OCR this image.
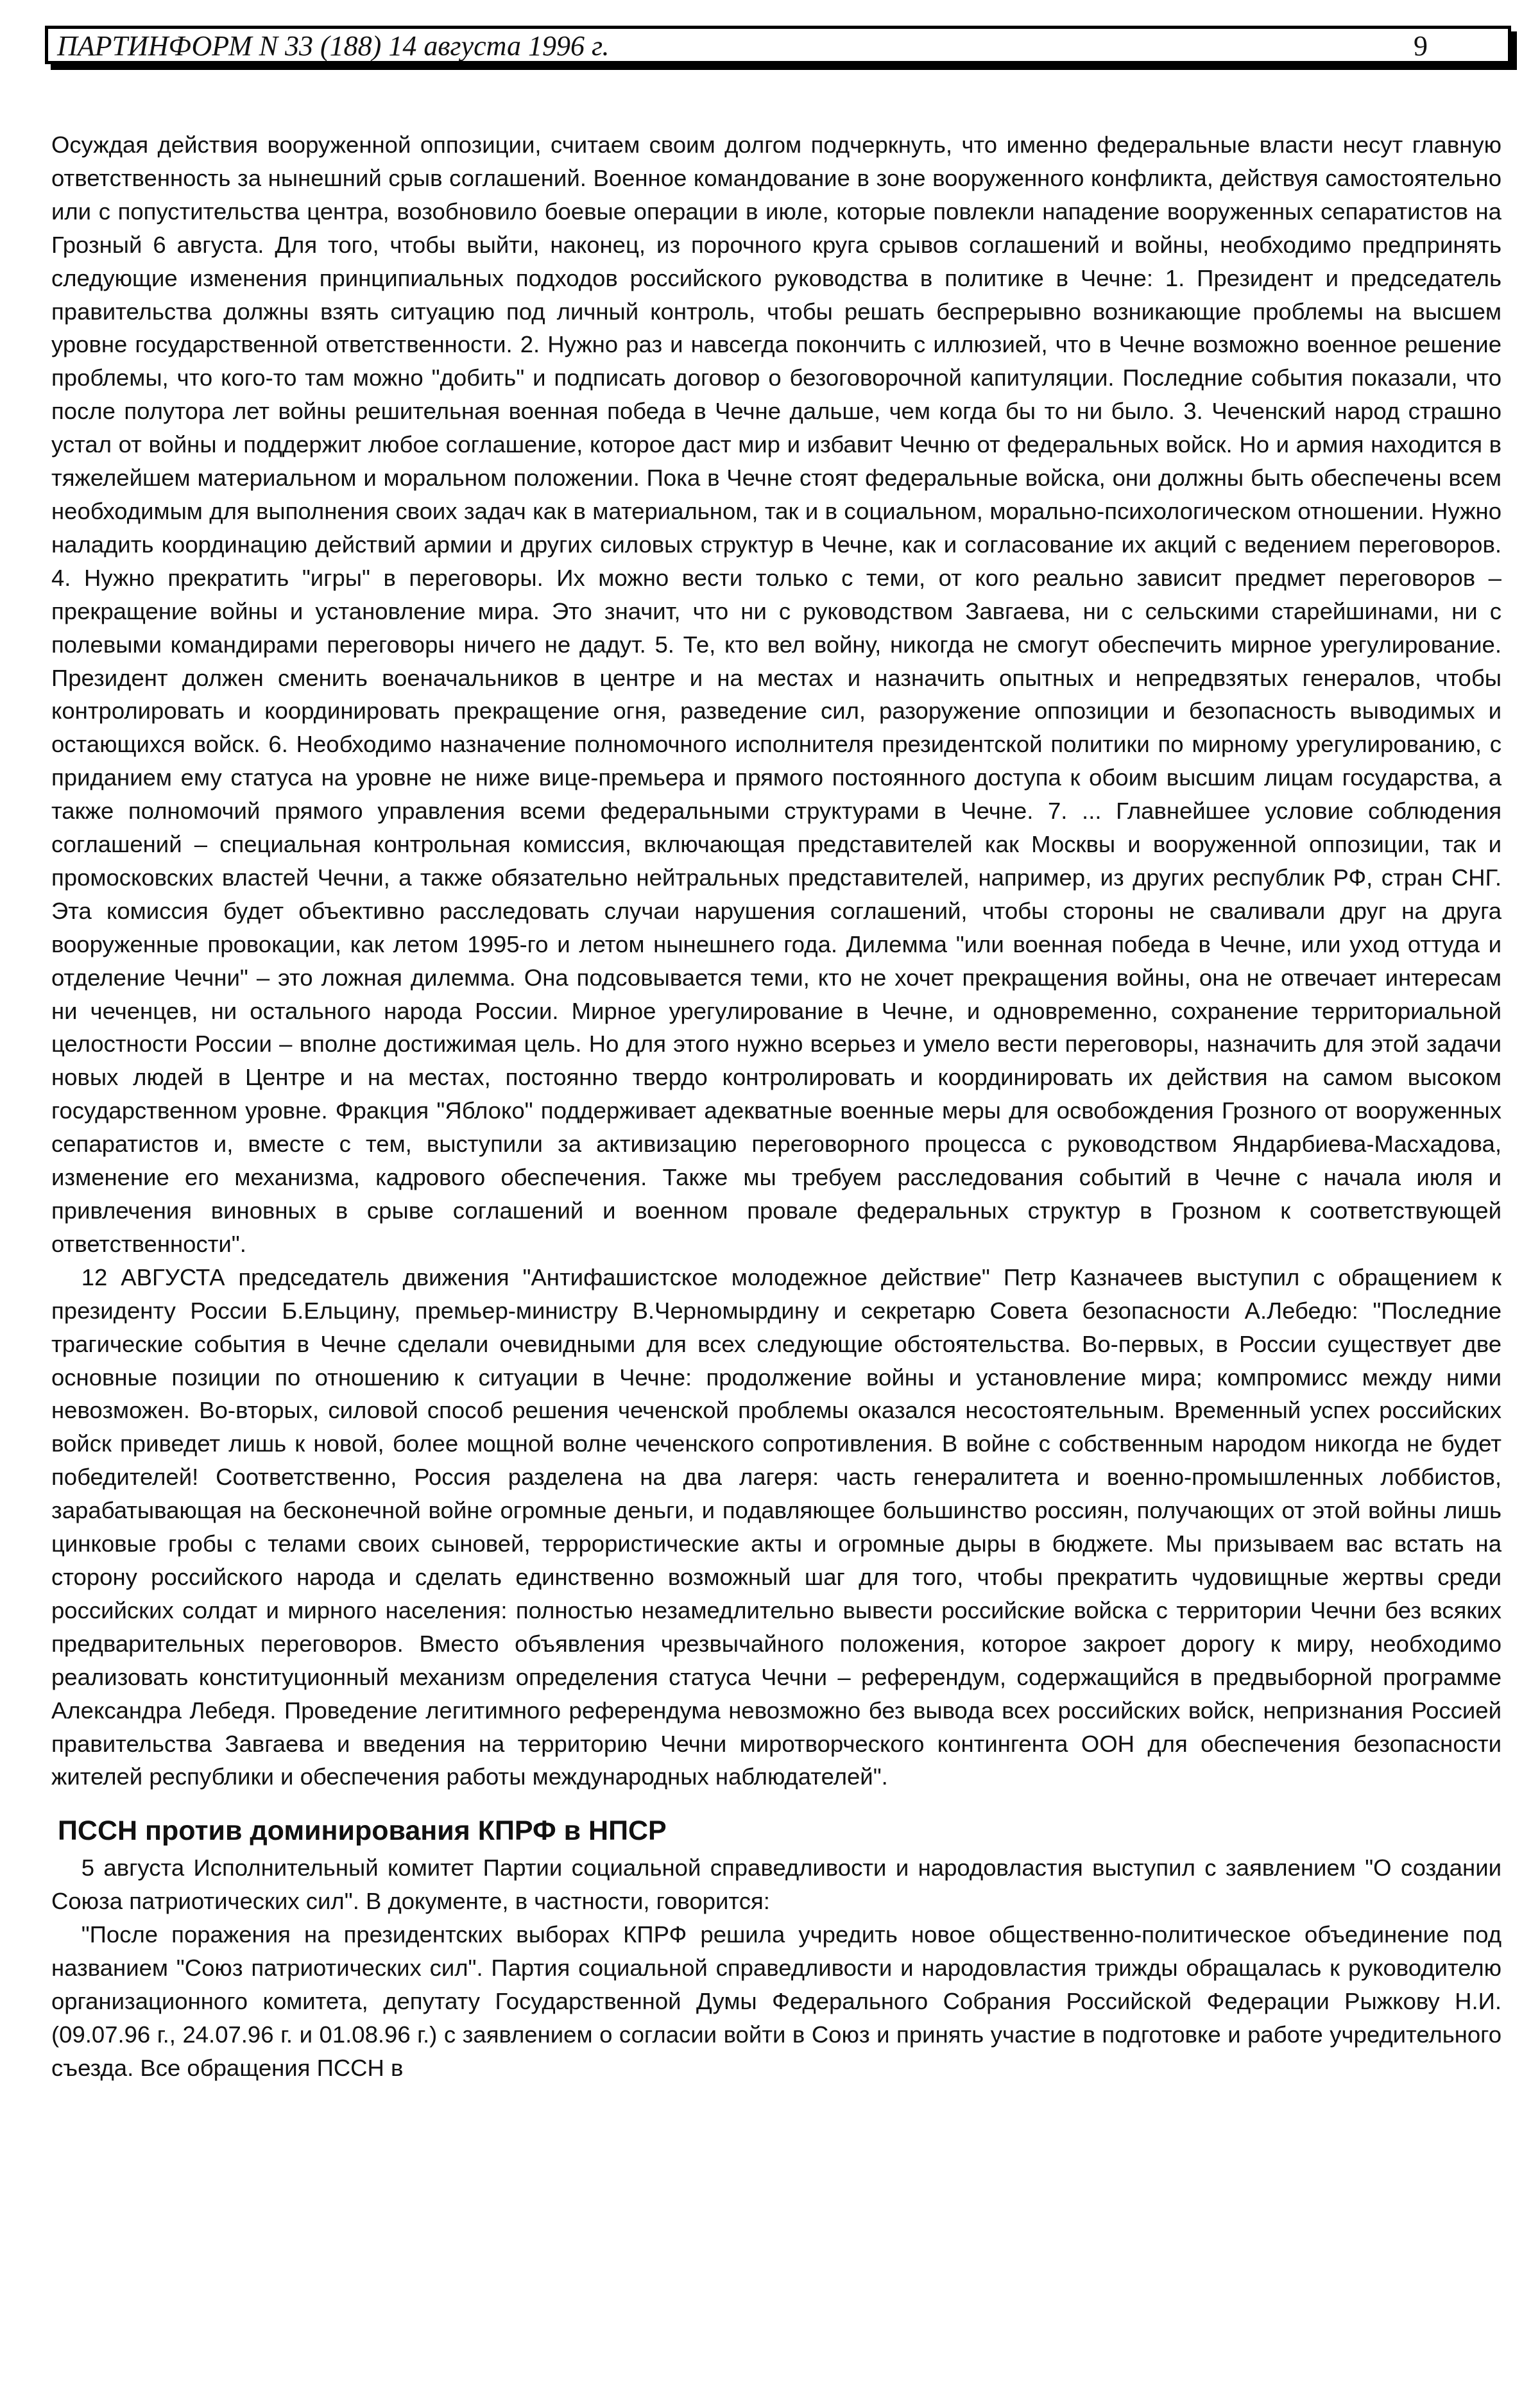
ПАРТИНФОРМ N 33 (188) 14 августа 1996 г.	9

Осуждая действия вооруженной оппозиции, считаем своим долгом подчеркнуть, что именно федеральные власти несут главную ответственность за нынешний срыв соглашений. Военное командование в зоне вооруженного конфликта, действуя самостоятельно или с попустительства центра, возобновило боевые операции в июле, которые повлекли нападение вооруженных сепаратистов на Грозный 6 августа. Для того, чтобы выйти, наконец, из порочного круга срывов соглашений и войны, необходимо предпринять следующие изменения принципиальных подходов российского руководства в политике в Чечне: 1. Президент и председатель правительства должны взять ситуацию под личный контроль, чтобы решать беспрерывно возникающие проблемы на высшем уровне государственной ответственности. 2. Нужно раз и навсегда покончить с иллюзией, что в Чечне возможно военное решение проблемы, что кого-то там можно "добить" и подписать договор о безоговорочной капитуляции. Последние события показали, что после полутора лет войны решительная военная победа в Чечне дальше, чем когда бы то ни было. 3. Чеченский народ страшно устал от войны и поддержит любое соглашение, которое даст мир и избавит Чечню от федеральных войск. Но и армия находится в тяжелейшем материальном и моральном положении. Пока в Чечне стоят федеральные войска, они должны быть обеспечены всем необходимым для выполнения своих задач как в материальном, так и в социальном, морально-психологическом отношении. Нужно наладить координацию действий армии и других силовых структур в Чечне, как и согласование их акций с ведением переговоров. 4. Нужно прекратить "игры" в переговоры. Их можно вести только с теми, от кого реально зависит предмет переговоров – прекращение войны и установление мира. Это значит, что ни с руководством Завгаева, ни с сельскими старейшинами, ни с полевыми командирами переговоры ничего не дадут. 5. Те, кто вел войну, никогда не смогут обеспечить мирное урегулирование. Президент должен сменить военачальников в центре и на местах и назначить опытных и непредвзятых генералов, чтобы контролировать и координировать прекращение огня, разведение сил, разоружение оппозиции и безопасность выводимых и остающихся войск. 6. Необходимо назначение полномочного исполнителя президентской политики по мирному урегулированию, с приданием ему статуса на уровне не ниже вице-премьера и прямого постоянного доступа к обоим высшим лицам государства, а также полномочий прямого управления всеми федеральными структурами в Чечне. 7. ... Главнейшее условие соблюдения соглашений – специальная контрольная комиссия, включающая представителей как Москвы и вооруженной оппозиции, так и промосковских властей Чечни, а также обязательно нейтральных представителей, например, из других республик РФ, стран СНГ. Эта комиссия будет объективно расследовать случаи нарушения соглашений, чтобы стороны не сваливали друг на друга вооруженные провокации, как летом 1995-го и летом нынешнего года. Дилемма "или военная победа в Чечне, или уход оттуда и отделение Чечни" – это ложная дилемма. Она подсовывается теми, кто не хочет прекращения войны, она не отвечает интересам ни чеченцев, ни остального народа России. Мирное урегулирование в Чечне, и одновременно, сохранение территориальной целостности России – вполне достижимая цель. Но для этого нужно всерьез и умело вести переговоры, назначить для этой задачи новых людей в Центре и на местах, постоянно твердо контролировать и координировать их действия на самом высоком государственном уровне. Фракция "Яблоко" поддерживает адекватные военные меры для освобождения Грозного от вооруженных сепаратистов и, вместе с тем, выступили за активизацию переговорного процесса с руководством Яндарбиева-Масхадова, изменение его механизма, кадрового обеспечения. Также мы требуем расследования событий в Чечне с начала июля и привлечения виновных в срыве соглашений и военном провале федеральных структур в Грозном к соответствующей ответственности".

12 АВГУСТА председатель движения "Антифашистское молодежное действие" Петр Казначеев выступил с обращением к президенту России Б.Ельцину, премьер-министру В.Черномырдину и секретарю Совета безопасности А.Лебедю: "Последние трагические события в Чечне сделали очевидными для всех следующие обстоятельства. Во-первых, в России существует две основные позиции по отношению к ситуации в Чечне: продолжение войны и установление мира; компромисс между ними невозможен. Во-вторых, силовой способ решения чеченской проблемы оказался несостоятельным. Временный успех российских войск приведет лишь к новой, более мощной волне чеченского сопротивления. В войне с собственным народом никогда не будет победителей! Соответственно, Россия разделена на два лагеря: часть генералитета и военно-промышленных лоббистов, зарабатывающая на бесконечной войне огромные деньги, и подавляющее большинство россиян, получающих от этой войны лишь цинковые гробы с телами своих сыновей, террористические акты и огромные дыры в бюджете. Мы призываем вас встать на сторону российского народа и сделать единственно возможный шаг для того, чтобы прекратить чудовищные жертвы среди российских солдат и мирного населения: полностью незамедлительно вывести российские войска с территории Чечни без всяких предварительных переговоров. Вместо объявления чрезвычайного положения, которое закроет дорогу к миру, необходимо реализовать конституционный механизм определения статуса Чечни – референдум, содержащийся в предвыборной программе Александра Лебедя. Проведение легитимного референдума невозможно без вывода всех российских войск, непризнания Россией правительства Завгаева и введения на территорию Чечни миротворческого контингента ООН для обеспечения безопасности жителей республики и обеспечения работы международных наблюдателей".

ПССН против доминирования КПРФ в НПСР

5 августа Исполнительный комитет Партии социальной справедливости и народовластия выступил с заявлением "О создании Союза патриотических сил". В документе, в частности, говорится:

"После поражения на президентских выборах КПРФ решила учредить новое общественно-политическое объединение под названием "Союз патриотических сил". Партия социальной справедливости и народовластия трижды обращалась к руководителю организационного комитета, депутату Государственной Думы Федерального Собрания Российской Федерации Рыжкову Н.И. (09.07.96 г., 24.07.96 г. и 01.08.96 г.) с заявлением о согласии войти в Союз и принять участие в подготовке и работе учредительного съезда. Все обращения ПССН в
